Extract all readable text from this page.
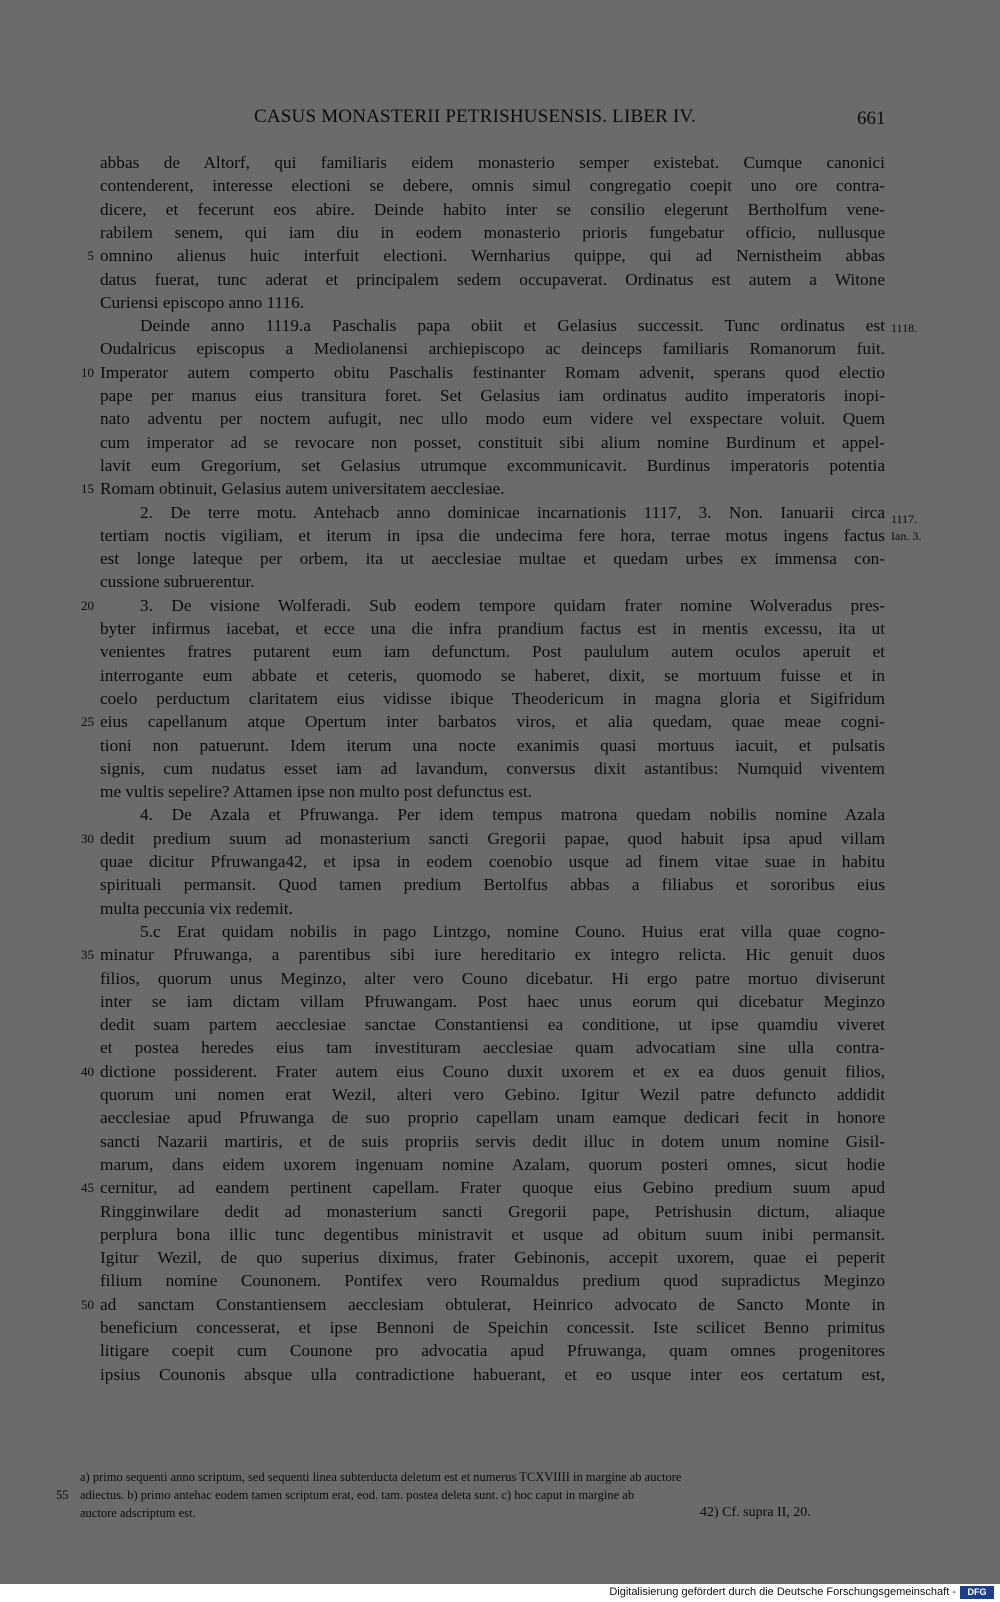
CASUS MONASTERII PETRISHUSENSIS. LIBER IV.	661
abbas de Altorf, qui familiaris eidem monasterio semper existebat. Cumque canonici
contenderent, interesse electioni se debere, omnis simul congregatio coepit uno ore contra-
dicere, et fecerunt eos abire. Deinde habito inter se consilio elegerunt Bertholfum vene-
rabilem senem, qui iam diu in eodem monasterio prioris fungebatur officio, nullusque
omnino alienus huic interfuit electioni. Wernharius quippe, qui ad Nernistheim abbas
datus fuerat, tunc aderat et principalem sedem occupaverat. Ordinatus est autem a Witone
Curiensi episcopo anno 1116.
Deinde anno 1119.a Paschalis papa obiit et Gelasius successit. Tunc ordinatus est
Oudalricus episcopus a Mediolanensi archiepiscopo ac deinceps familiaris Romanorum fuit.
Imperator autem comperto obitu Paschalis festinanter Romam advenit, sperans quod electio
pape per manus eius transitura foret. Set Gelasius iam ordinatus audito imperatoris inopi-
nato adventu per noctem aufugit, nec ullo modo eum videre vel exspectare voluit. Quem
cum imperator ad se revocare non posset, constituit sibi alium nomine Burdinum et appel-
lavit eum Gregorium, set Gelasius utrumque excommunicavit. Burdinus imperatoris potentia
Romam obtinuit, Gelasius autem universitatem aecclesiae.
2. De terre motu. Antehacb anno dominicae incarnationis 1117, 3. Non. Ianuarii circa
tertiam noctis vigiliam, et iterum in ipsa die undecima fere hora, terrae motus ingens factus
est longe lateque per orbem, ita ut aecclesiae multae et quedam urbes ex immensa con-
cussione subruerentur.
3. De visione Wolferadi. Sub eodem tempore quidam frater nomine Wolveradus pres-
byter infirmus iacebat, et ecce una die infra prandium factus est in mentis excessu, ita ut
venientes fratres putarent eum iam defunctum. Post paululum autem oculos aperuit et
interrogante eum abbate et ceteris, quomodo se haberet, dixit, se mortuum fuisse et in
coelo perductum claritatem eius vidisse ibique Theodericum in magna gloria et Sigifridum
eius capellanum atque Opertum inter barbatos viros, et alia quedam, quae meae cogni-
tioni non patuerunt. Idem iterum una nocte exanimis quasi mortuus iacuit, et pulsatis
signis, cum nudatus esset iam ad lavandum, conversus dixit astantibus: Numquid viventem
me vultis sepelire? Attamen ipse non multo post defunctus est.
4. De Azala et Pfruwanga. Per idem tempus matrona quedam nobilis nomine Azala
dedit predium suum ad monasterium sancti Gregorii papae, quod habuit ipsa apud villam
quae dicitur Pfruwanga42, et ipsa in eodem coenobio usque ad finem vitae suae in habitu
spirituali permansit. Quod tamen predium Bertolfus abbas a filiabus et sororibus eius
multa peccunia vix redemit.
5.c Erat quidam nobilis in pago Lintzgo, nomine Couno. Huius erat villa quae cogno-
minatur Pfruwanga, a parentibus sibi iure hereditario ex integro relicta. Hic genuit duos
filios, quorum unus Meginzo, alter vero Couno dicebatur. Hi ergo patre mortuo diviserunt
inter se iam dictam villam Pfruwangam. Post haec unus eorum qui dicebatur Meginzo
dedit suam partem aecclesiae sanctae Constantiensi ea conditione, ut ipse quamdiu viveret
et postea heredes eius tam investituram aecclesiae quam advocatiam sine ulla contra-
dictione possiderent. Frater autem eius Couno duxit uxorem et ex ea duos genuit filios,
quorum uni nomen erat Wezil, alteri vero Gebino. Igitur Wezil patre defuncto addidit
aecclesiae apud Pfruwanga de suo proprio capellam unam eamque dedicari fecit in honore
sancti Nazarii martiris, et de suis propriis servis dedit illuc in dotem unum nomine Gisil-
marum, dans eidem uxorem ingenuam nomine Azalam, quorum posteri omnes, sicut hodie
cernitur, ad eandem pertinent capellam. Frater quoque eius Gebino predium suum apud
Ringginwilare dedit ad monasterium sancti Gregorii pape, Petrishusin dictum, aliaque
perplura bona illic tunc degentibus ministravit et usque ad obitum suum inibi permansit.
Igitur Wezil, de quo superius diximus, frater Gebinonis, accepit uxorem, quae ei peperit
filium nomine Counonem. Pontifex vero Roumaldus predium quod supradictus Meginzo
ad sanctam Constantiensem aecclesiam obtulerat, Heinrico advocato de Sancto Monte in
beneficium concesserat, et ipse Bennoni de Speichin concessit. Iste scilicet Benno primitus
litigare coepit cum Counone pro advocatia apud Pfruwanga, quam omnes progenitores
ipsius Counonis absque ulla contradictione habuerant, et eo usque inter eos certatum est,
5
10
15
20
25
30
35
40
45
50
1118.
1117.
Ian. 3.
a) primo sequenti anno scriptum, sed sequenti linea subterducta deletum est et numerus TCXVIIII in margine ab auctore
55 adiectus. b) primo antehac eodem tamen scriptum erat, eod. tam. postea deleta sunt. c) hoc caput in margine ab
auctore adscriptum est.	42) Cf. supra II, 20.
Digitalisierung gefördert durch die Deutsche Forschungsgemeinschaft -	DFG
